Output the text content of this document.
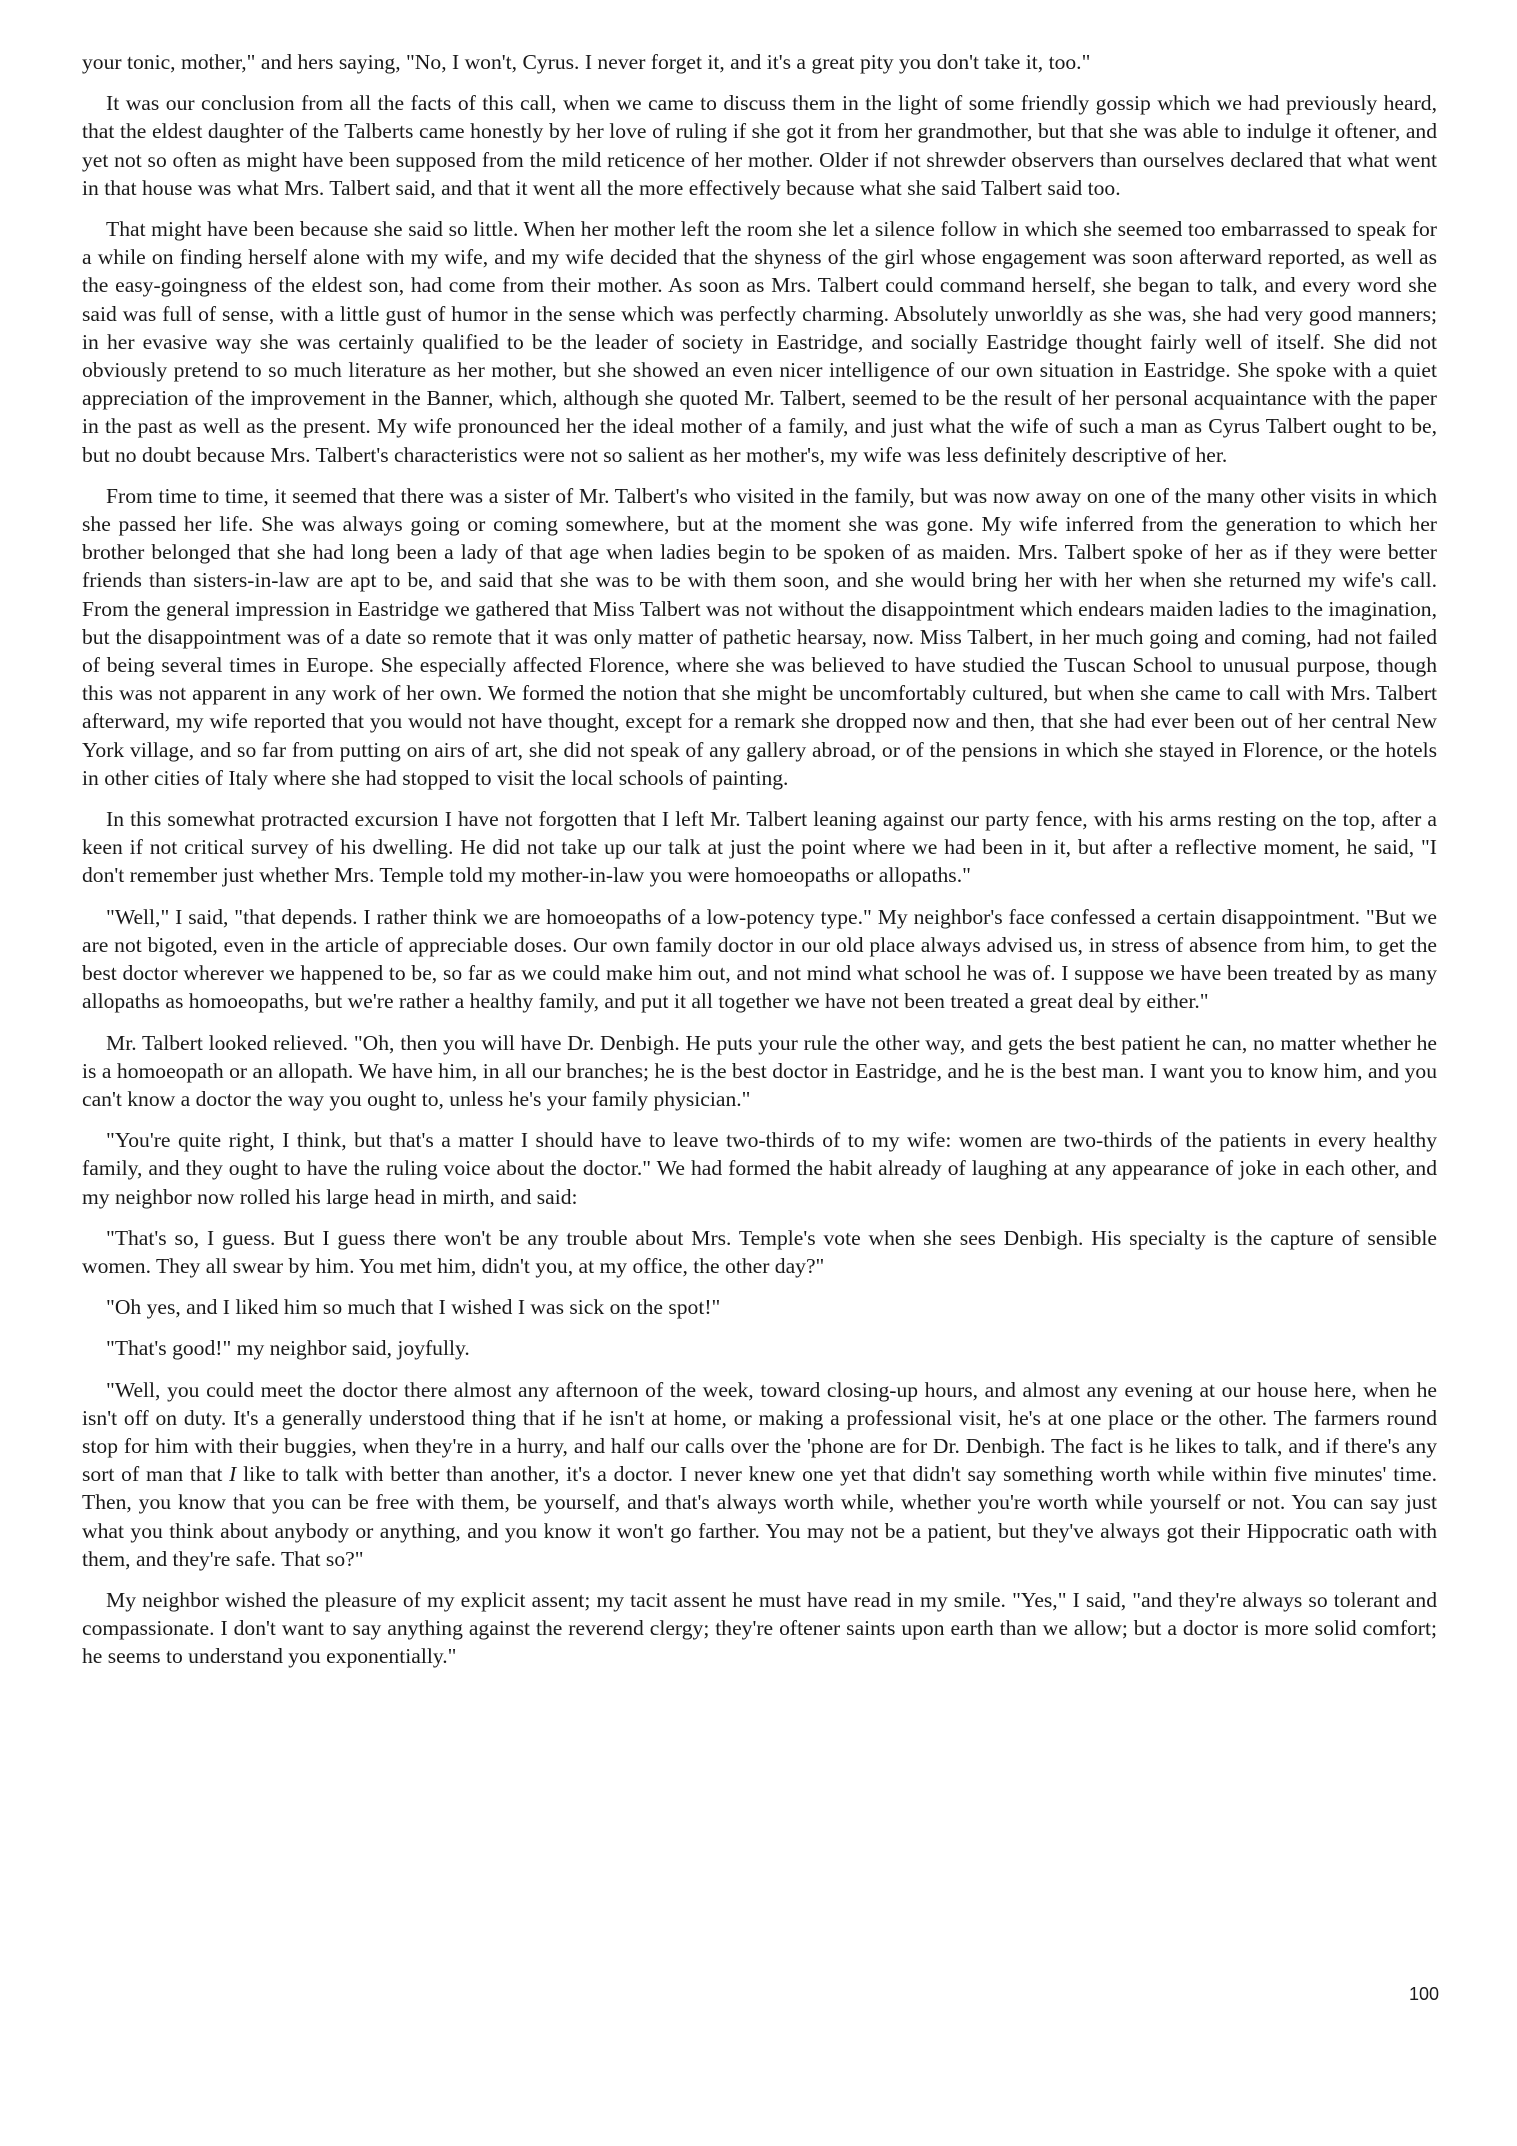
your tonic, mother," and hers saying, "No, I won't, Cyrus. I never forget it, and it's a great pity you don't take it, too."

It was our conclusion from all the facts of this call, when we came to discuss them in the light of some friendly gossip which we had previously heard, that the eldest daughter of the Talberts came honestly by her love of ruling if she got it from her grandmother, but that she was able to indulge it oftener, and yet not so often as might have been supposed from the mild reticence of her mother. Older if not shrewder observers than ourselves declared that what went in that house was what Mrs. Talbert said, and that it went all the more effectively because what she said Talbert said too.

That might have been because she said so little. When her mother left the room she let a silence follow in which she seemed too embarrassed to speak for a while on finding herself alone with my wife, and my wife decided that the shyness of the girl whose engagement was soon afterward reported, as well as the easy-goingness of the eldest son, had come from their mother. As soon as Mrs. Talbert could command herself, she began to talk, and every word she said was full of sense, with a little gust of humor in the sense which was perfectly charming. Absolutely unworldly as she was, she had very good manners; in her evasive way she was certainly qualified to be the leader of society in Eastridge, and socially Eastridge thought fairly well of itself. She did not obviously pretend to so much literature as her mother, but she showed an even nicer intelligence of our own situation in Eastridge. She spoke with a quiet appreciation of the improvement in the Banner, which, although she quoted Mr. Talbert, seemed to be the result of her personal acquaintance with the paper in the past as well as the present. My wife pronounced her the ideal mother of a family, and just what the wife of such a man as Cyrus Talbert ought to be, but no doubt because Mrs. Talbert's characteristics were not so salient as her mother's, my wife was less definitely descriptive of her.

From time to time, it seemed that there was a sister of Mr. Talbert's who visited in the family, but was now away on one of the many other visits in which she passed her life. She was always going or coming somewhere, but at the moment she was gone. My wife inferred from the generation to which her brother belonged that she had long been a lady of that age when ladies begin to be spoken of as maiden. Mrs. Talbert spoke of her as if they were better friends than sisters-in-law are apt to be, and said that she was to be with them soon, and she would bring her with her when she returned my wife's call. From the general impression in Eastridge we gathered that Miss Talbert was not without the disappointment which endears maiden ladies to the imagination, but the disappointment was of a date so remote that it was only matter of pathetic hearsay, now. Miss Talbert, in her much going and coming, had not failed of being several times in Europe. She especially affected Florence, where she was believed to have studied the Tuscan School to unusual purpose, though this was not apparent in any work of her own. We formed the notion that she might be uncomfortably cultured, but when she came to call with Mrs. Talbert afterward, my wife reported that you would not have thought, except for a remark she dropped now and then, that she had ever been out of her central New York village, and so far from putting on airs of art, she did not speak of any gallery abroad, or of the pensions in which she stayed in Florence, or the hotels in other cities of Italy where she had stopped to visit the local schools of painting.

In this somewhat protracted excursion I have not forgotten that I left Mr. Talbert leaning against our party fence, with his arms resting on the top, after a keen if not critical survey of his dwelling. He did not take up our talk at just the point where we had been in it, but after a reflective moment, he said, "I don't remember just whether Mrs. Temple told my mother-in-law you were homoeopaths or allopaths."

"Well," I said, "that depends. I rather think we are homoeopaths of a low-potency type." My neighbor's face confessed a certain disappointment. "But we are not bigoted, even in the article of appreciable doses. Our own family doctor in our old place always advised us, in stress of absence from him, to get the best doctor wherever we happened to be, so far as we could make him out, and not mind what school he was of. I suppose we have been treated by as many allopaths as homoeopaths, but we're rather a healthy family, and put it all together we have not been treated a great deal by either."

Mr. Talbert looked relieved. "Oh, then you will have Dr. Denbigh. He puts your rule the other way, and gets the best patient he can, no matter whether he is a homoeopath or an allopath. We have him, in all our branches; he is the best doctor in Eastridge, and he is the best man. I want you to know him, and you can't know a doctor the way you ought to, unless he's your family physician."

"You're quite right, I think, but that's a matter I should have to leave two-thirds of to my wife: women are two-thirds of the patients in every healthy family, and they ought to have the ruling voice about the doctor." We had formed the habit already of laughing at any appearance of joke in each other, and my neighbor now rolled his large head in mirth, and said:

"That's so, I guess. But I guess there won't be any trouble about Mrs. Temple's vote when she sees Denbigh. His specialty is the capture of sensible women. They all swear by him. You met him, didn't you, at my office, the other day?"

"Oh yes, and I liked him so much that I wished I was sick on the spot!"

"That's good!" my neighbor said, joyfully.

"Well, you could meet the doctor there almost any afternoon of the week, toward closing-up hours, and almost any evening at our house here, when he isn't off on duty. It's a generally understood thing that if he isn't at home, or making a professional visit, he's at one place or the other. The farmers round stop for him with their buggies, when they're in a hurry, and half our calls over the 'phone are for Dr. Denbigh. The fact is he likes to talk, and if there's any sort of man that I like to talk with better than another, it's a doctor. I never knew one yet that didn't say something worth while within five minutes' time. Then, you know that you can be free with them, be yourself, and that's always worth while, whether you're worth while yourself or not. You can say just what you think about anybody or anything, and you know it won't go farther. You may not be a patient, but they've always got their Hippocratic oath with them, and they're safe. That so?"

My neighbor wished the pleasure of my explicit assent; my tacit assent he must have read in my smile. "Yes," I said, "and they're always so tolerant and compassionate. I don't want to say anything against the reverend clergy; they're oftener saints upon earth than we allow; but a doctor is more solid comfort; he seems to understand you exponentially."

100
